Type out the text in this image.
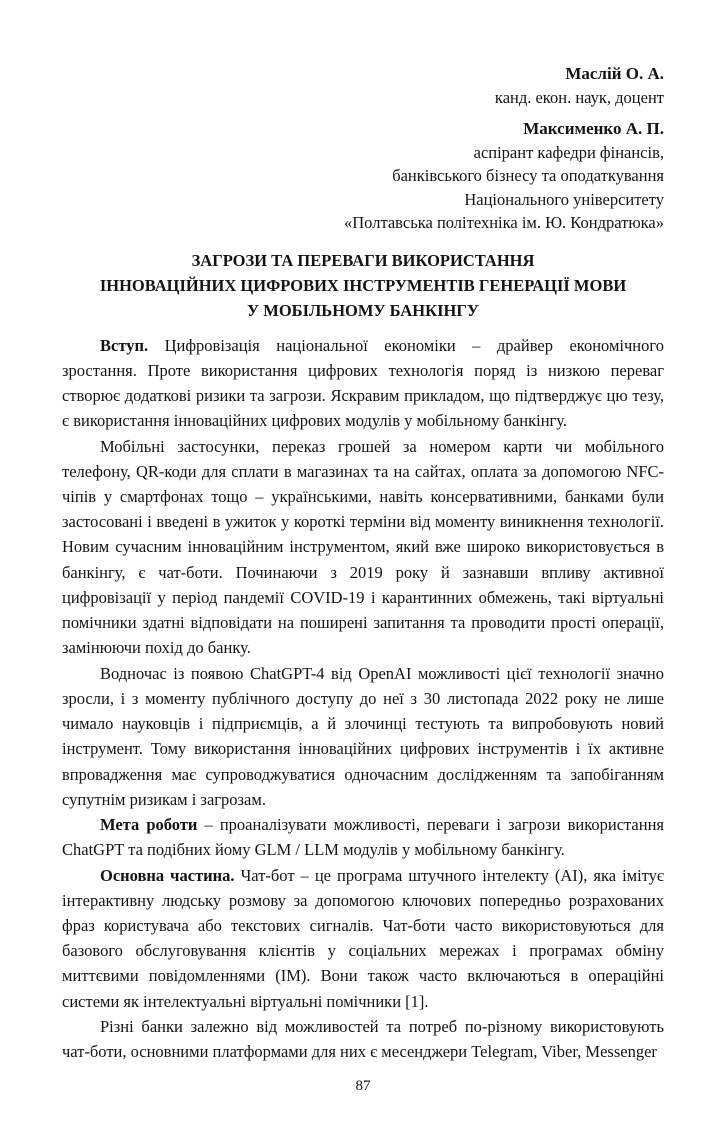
Маслій О. А.
канд. екон. наук, доцент
Максименко А. П.
аспірант кафедри фінансів,
банківського бізнесу та оподаткування
Національного університету
«Полтавська політехніка ім. Ю. Кондратюка»
ЗАГРОЗИ ТА ПЕРЕВАГИ ВИКОРИСТАННЯ
ІННОВАЦІЙНИХ ЦИФРОВИХ ІНСТРУМЕНТІВ ГЕНЕРАЦІЇ МОВИ
У МОБІЛЬНОМУ БАНКІНГУ

Вступ. Цифровізація національної економіки – драйвер економічного зростання. Проте використання цифрових технологія поряд із низкою переваг створює додаткові ризики та загрози. Яскравим прикладом, що підтверджує цю тезу, є використання інноваційних цифрових модулів у мобільному банкінгу.

Мобільні застосунки, переказ грошей за номером карти чи мобільного телефону, QR-коди для сплати в магазинах та на сайтах, оплата за допомогою NFC-чіпів у смартфонах тощо – українськими, навіть консервативними, банками були застосовані і введені в ужиток у короткі терміни від моменту виникнення технології. Новим сучасним інноваційним інструментом, який вже широко використовується в банкінгу, є чат-боти. Починаючи з 2019 року й зазнавши впливу активної цифровізації у період пандемії COVID-19 і карантинних обмежень, такі віртуальні помічники здатні відповідати на поширені запитання та проводити прості операції, замінюючи похід до банку.

Водночас із появою ChatGPT-4 від OpenAI можливості цієї технології значно зросли, і з моменту публічного доступу до неї з 30 листопада 2022 року не лише чимало науковців і підприємців, а й злочинці тестують та випробовують новий інструмент. Тому використання інноваційних цифрових інструментів і їх активне впровадження має супроводжуватися одночасним дослідженням та запобіганням супутнім ризикам і загрозам.

Мета роботи – проаналізувати можливості, переваги і загрози використання ChatGPT та подібних йому GLM / LLM модулів у мобільному банкінгу.

Основна частина. Чат-бот – це програма штучного інтелекту (AI), яка імітує інтерактивну людську розмову за допомогою ключових попередньо розрахованих фраз користувача або текстових сигналів. Чат-боти часто використовуються для базового обслуговування клієнтів у соціальних мережах і програмах обміну миттєвими повідомленнями (ІМ). Вони також часто включаються в операційні системи як інтелектуальні віртуальні помічники [1].

Різні банки залежно від можливостей та потреб по-різному використовують чат-боти, основними платформами для них є месенджери Telegram, Viber, Messenger

87
